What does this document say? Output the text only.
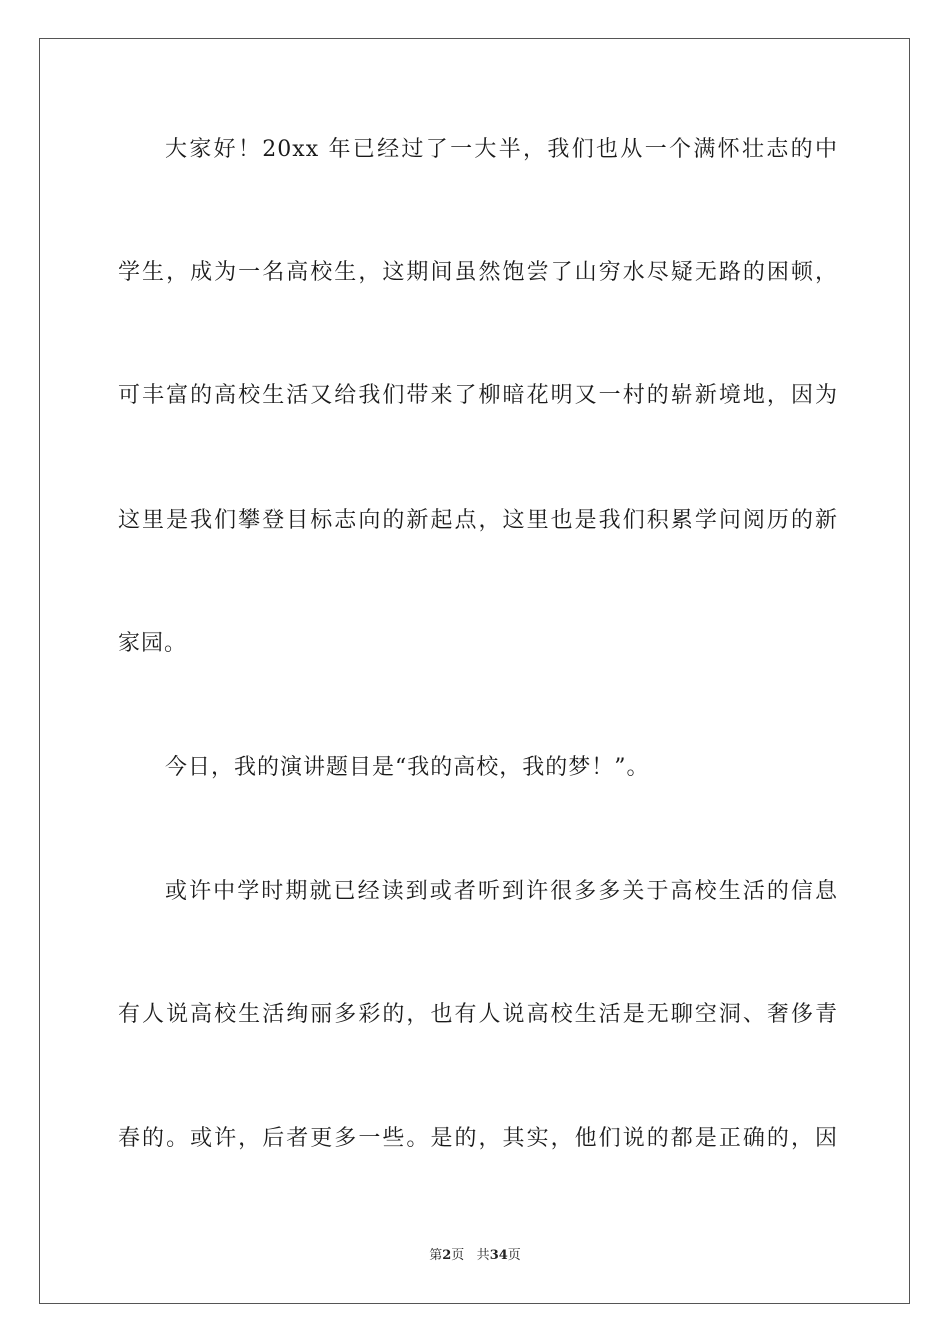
大家好！20xx 年已经过了一大半，我们也从一个满怀壮志的中
学生，成为一名高校生，这期间虽然饱尝了山穷水尽疑无路的困顿，
可丰富的高校生活又给我们带来了柳暗花明又一村的崭新境地，因为
这里是我们攀登目标志向的新起点，这里也是我们积累学问阅历的新
家园。
今日，我的演讲题目是“我的高校，我的梦！”。
或许中学时期就已经读到或者听到许很多多关于高校生活的信息
有人说高校生活绚丽多彩的，也有人说高校生活是无聊空洞、奢侈青
春的。或许，后者更多一些。是的，其实，他们说的都是正确的，因
第2页 共34页
